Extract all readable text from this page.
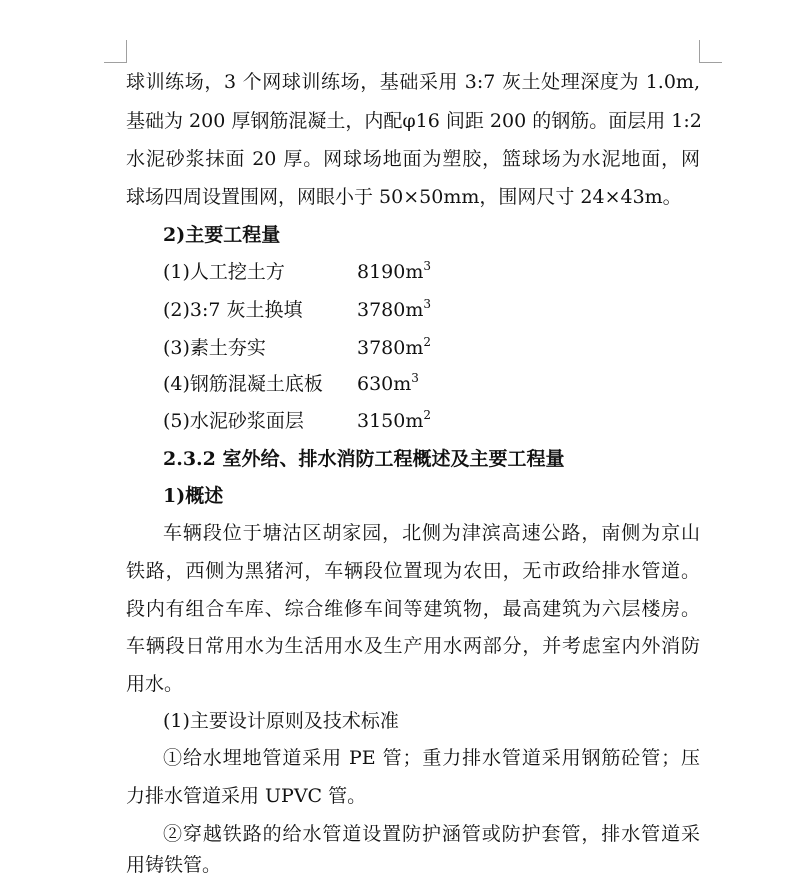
球训练场，3 个网球训练场，基础采用 3:7 灰土处理深度为 1.0m,
基础为 200 厚钢筋混凝土，内配φ16 间距 200 的钢筋。面层用 1:2
水泥砂浆抹面 20 厚。网球场地面为塑胶，篮球场为水泥地面，网
球场四周设置围网，网眼小于 50×50mm，围网尺寸 24×43m。
2)主要工程量
(1)人工挖土方	$8190m^3$
(2)3:7 灰土换填	$3780m^3$
(3)素土夯实	$3780m^2$
(4)钢筋混凝土底板 $630m^3$
(5)水泥砂浆面层	$3150m^2$
2.3.2 室外给、排水消防工程概述及主要工程量
1)概述
车辆段位于塘沽区胡家园，北侧为津滨高速公路，南侧为京山
铁路，西侧为黑猪河，车辆段位置现为农田，无市政给排水管道。
段内有组合车库、综合维修车间等建筑物，最高建筑为六层楼房。
车辆段日常用水为生活用水及生产用水两部分，并考虑室内外消防
用水。
(1)主要设计原则及技术标准
①给水埋地管道采用 PE 管；重力排水管道采用钢筋砼管；压
力排水管道采用 UPVC 管。
②穿越铁路的给水管道设置防护涵管或防护套管，排水管道采
用铸铁管。
